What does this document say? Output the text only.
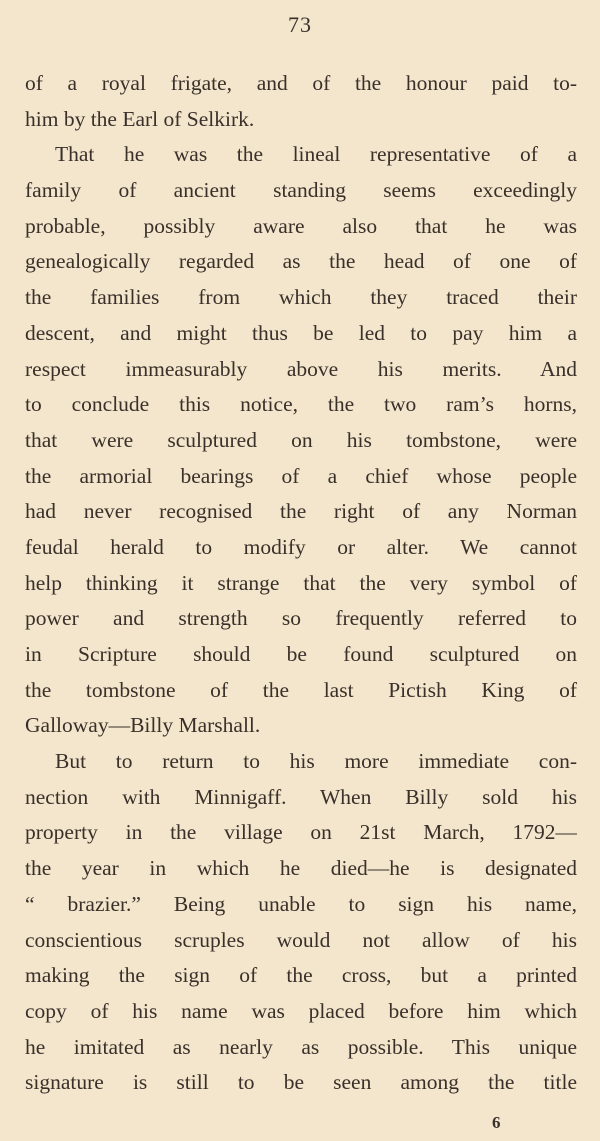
73
of a royal frigate, and of the honour paid to-
him by the Earl of Selkirk.
That he was the lineal representative of a
family of ancient standing seems exceedingly
probable, possibly aware also that he was
genealogically regarded as the head of one of
the families from which they traced their
descent, and might thus be led to pay him a
respect immeasurably above his merits. And
to conclude this notice, the two ram’s horns,
that were sculptured on his tombstone, were
the armorial bearings of a chief whose people
had never recognised the right of any Norman
feudal herald to modify or alter. We cannot
help thinking it strange that the very symbol of
power and strength so frequently referred to
in Scripture should be found sculptured on
the tombstone of the last Pictish King of
Galloway—Billy Marshall.
But to return to his more immediate con-
nection with Minnigaff. When Billy sold his
property in the village on 21st March, 1792—
the year in which he died—he is designated
“ brazier.” Being unable to sign his name,
conscientious scruples would not allow of his
making the sign of the cross, but a printed
copy of his name was placed before him which
he imitated as nearly as possible. This unique
signature is still to be seen among the title
6
